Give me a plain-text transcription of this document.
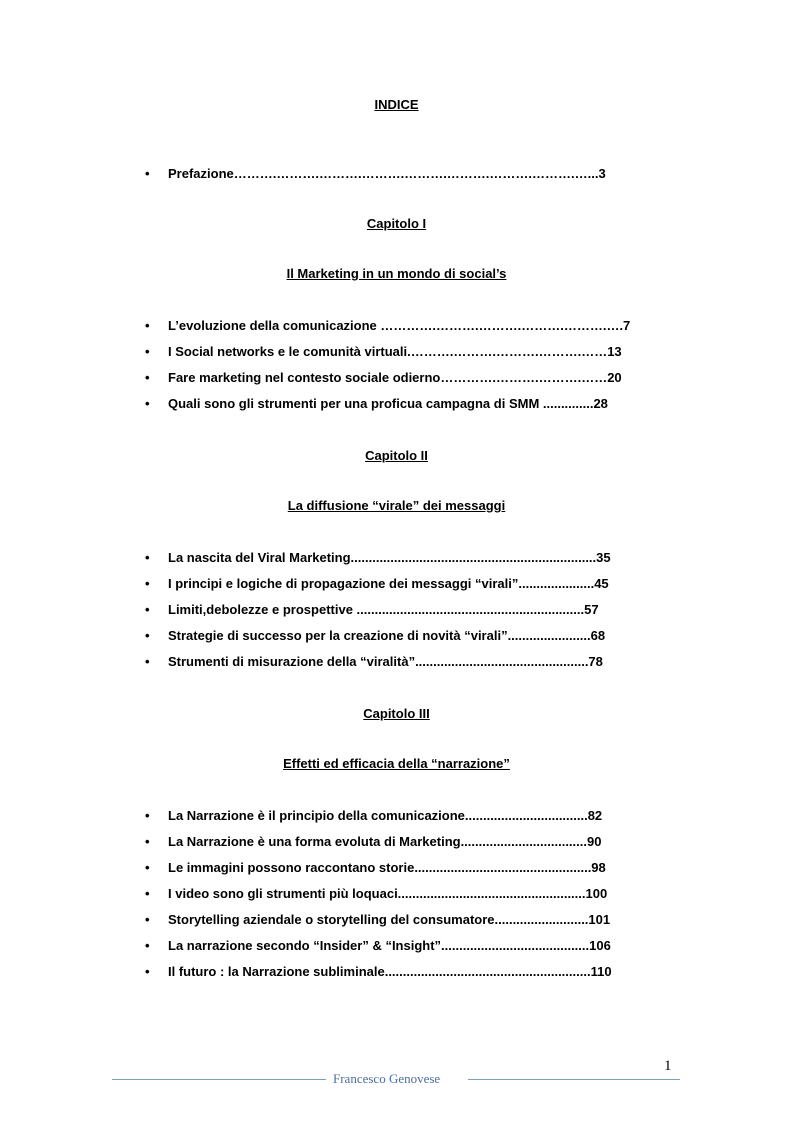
INDICE
• Prefazione……….……….……….……….……….……….……….……….…...3
Capitolo I
Il Marketing in un mondo di social’s
• L’evoluzione della comunicazione ………….……….……….……….……….….7
• I Social networks e le comunità virtuali.……….……….……….……….……13
• Fare marketing nel contesto sociale odierno………….……….……….……20
• Quali sono gli strumenti per una proficua campagna di SMM ..............28
Capitolo II
La diffusione “virale” dei messaggi
• La nascita del Viral Marketing....................................................................35
• I principi e logiche di propagazione dei messaggi “virali”.....................45
• Limiti,debolezze e prospettive ...............................................................57
• Strategie di successo per la creazione di novità “virali”.......................68
• Strumenti di misurazione della “viralità”................................................78
Capitolo III
Effetti ed efficacia della “narrazione”
• La Narrazione è il principio della comunicazione..................................82
• La Narrazione è una forma evoluta di Marketing...................................90
• Le immagini possono raccontano storie.................................................98
• I video sono gli strumenti più loquaci....................................................100
• Storytelling aziendale o storytelling del consumatore..........................101
• La narrazione secondo “Insider” & “Insight”.........................................106
• Il futuro : la Narrazione subliminale.........................................................110
1
Francesco Genovese
